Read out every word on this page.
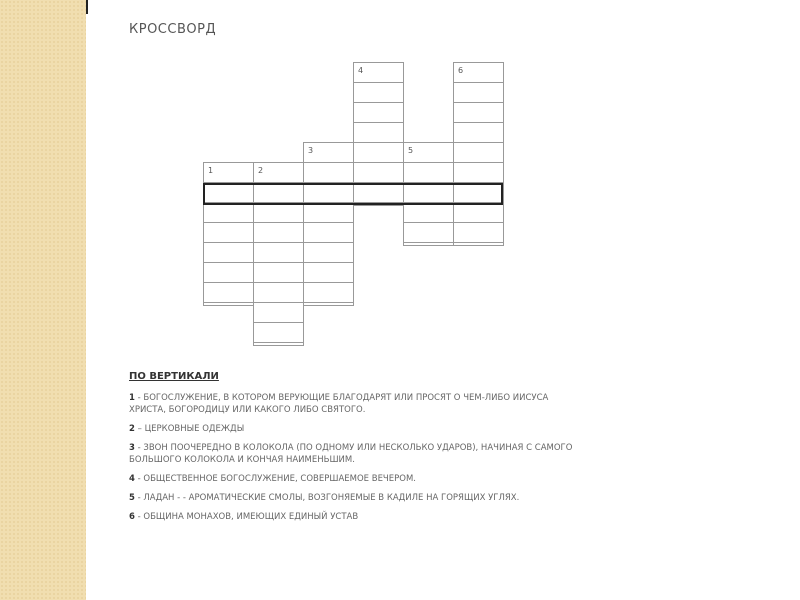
КРОССВОРД
1	2
3
4
5
6
ПО ВЕРТИКАЛИ
1 - БОГОСЛУЖЕНИЕ, В КОТОРОМ ВЕРУЮЩИЕ БЛАГОДАРЯТ ИЛИ ПРОСЯТ О ЧЕМ-ЛИБО ИИСУСА ХРИСТА, БОГОРОДИЦУ ИЛИ КАКОГО ЛИБО СВЯТОГО.
2 – ЦЕРКОВНЫЕ ОДЕЖДЫ
3 - ЗВОН ПООЧЕРЕДНО В КОЛОКОЛА (ПО ОДНОМУ ИЛИ НЕСКОЛЬКО УДАРОВ), НАЧИНАЯ С САМОГО БОЛЬШОГО КОЛОКОЛА И КОНЧАЯ НАИМЕНЬШИМ.
4 - ОБЩЕСТВЕННОЕ БОГОСЛУЖЕНИЕ, СОВЕРШАЕМОЕ ВЕЧЕРОМ.
5 - ЛАДАН - - АРОМАТИЧЕСКИЕ СМОЛЫ, ВОЗГОНЯЕМЫЕ В КАДИЛЕ НА ГОРЯЩИХ УГЛЯХ.
6 - ОБЩИНА МОНАХОВ, ИМЕЮЩИХ ЕДИНЫЙ УСТАВ
